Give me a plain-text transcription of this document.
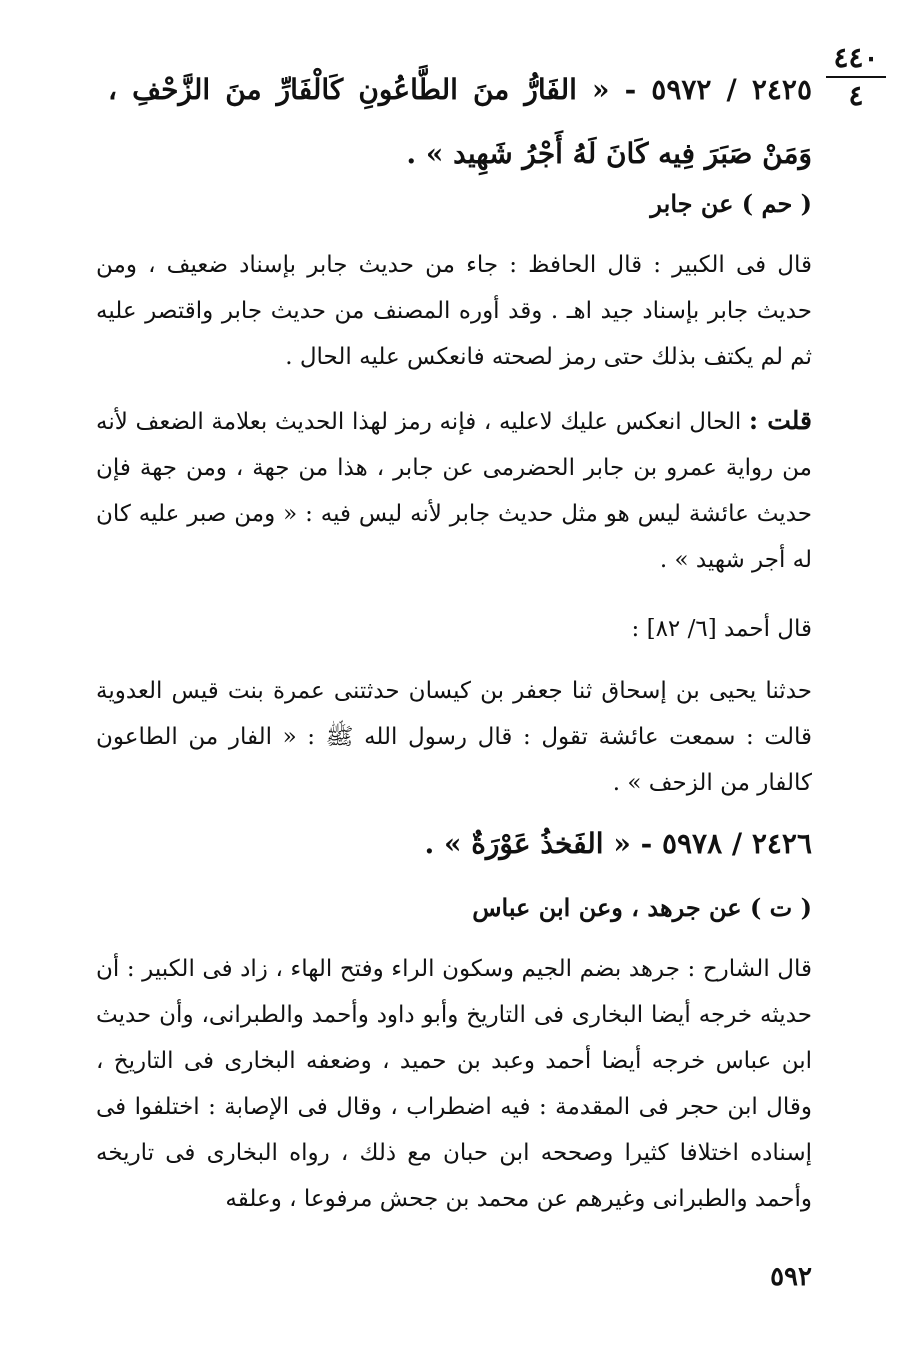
٤٤٠
٤

٢٤٢٥ / ٥٩٧٢ - « الفَارُّ منَ الطَّاعُونِ كَالْفَارِّ منَ الزَّحْفِ ، وَمَنْ صَبَرَ فِيه كَانَ لَهُ أَجْرُ شَهِيد » .

( حم ) عن جابر

قال فى الكبير : قال الحافظ : جاء من حديث جابر بإسناد ضعيف ، ومن حديث جابر بإسناد جيد اهـ . وقد أوره المصنف من حديث جابر واقتصر عليه ثم لم يكتف بذلك حتى رمز لصحته فانعكس عليه الحال .

قلت : الحال انعكس عليك لاعليه ، فإنه رمز لهذا الحديث بعلامة الضعف لأنه من رواية عمرو بن جابر الحضرمى عن جابر ، هذا من جهة ، ومن جهة فإن حديث عائشة ليس هو مثل حديث جابر لأنه ليس فيه : « ومن صبر عليه كان له أجر شهيد » .

قال أحمد [٦/ ٨٢] :

حدثنا يحيى بن إسحاق ثنا جعفر بن كيسان حدثتنى عمرة بنت قيس العدوية قالت : سمعت عائشة تقول : قال رسول الله ﷺ : « الفار من الطاعون كالفار من الزحف » .

٢٤٢٦ / ٥٩٧٨ - « الفَخذُ عَوْرَةٌ » .

( ت ) عن جرهد ، وعن ابن عباس

قال الشارح : جرهد بضم الجيم وسكون الراء وفتح الهاء ، زاد فى الكبير : أن حديثه خرجه أيضا البخارى فى التاريخ وأبو داود وأحمد والطبرانى، وأن حديث ابن عباس خرجه أيضا أحمد وعبد بن حميد ، وضعفه البخارى فى التاريخ ، وقال ابن حجر فى المقدمة : فيه اضطراب ، وقال فى الإصابة : اختلفوا فى إسناده اختلافا كثيرا وصححه ابن حبان مع ذلك ، رواه البخارى فى تاريخه وأحمد والطبرانى وغيرهم عن محمد بن جحش مرفوعا ، وعلقه

٥٩٢
